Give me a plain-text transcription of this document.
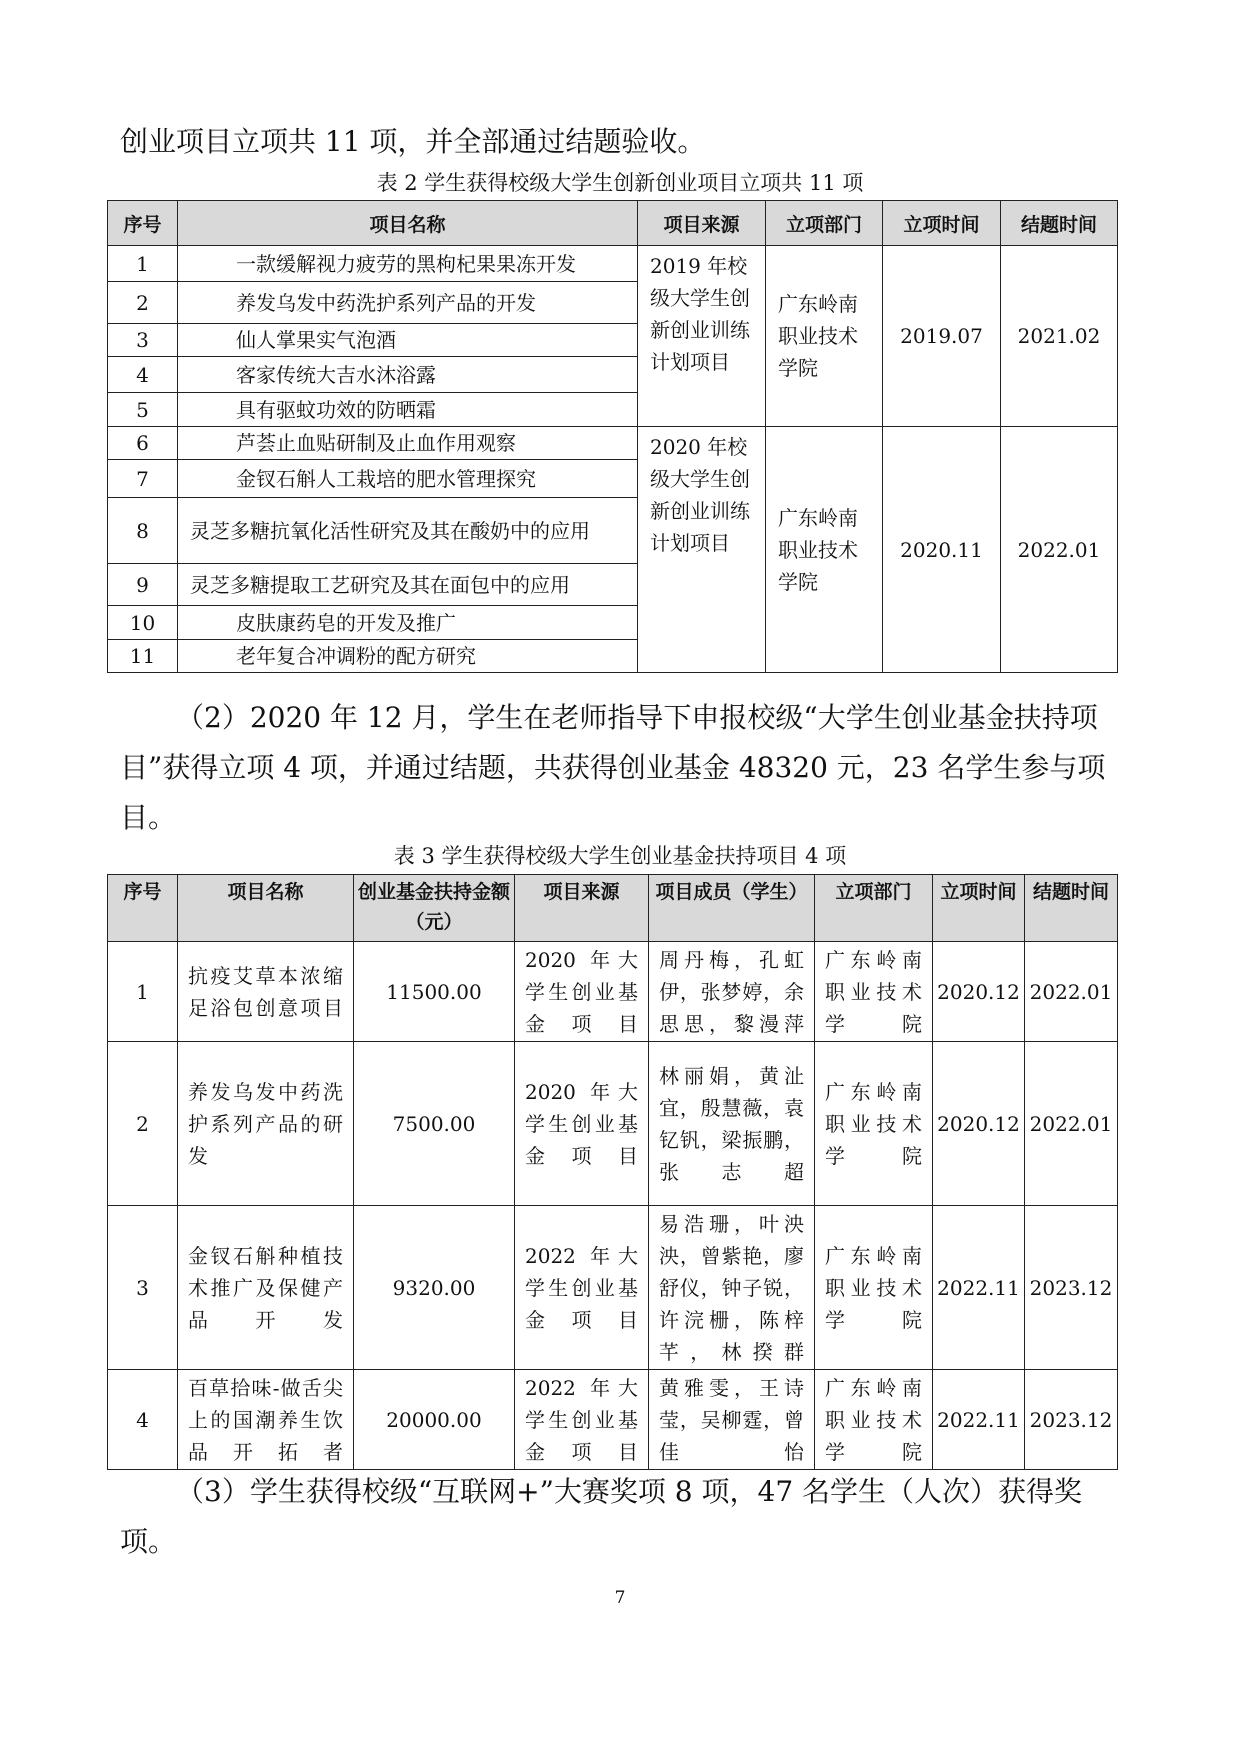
创业项目立项共 11 项，并全部通过结题验收。

表 2 学生获得校级大学生创新创业项目立项共 11 项
序号	项目名称	项目来源	立项部门	立项时间	结题时间
1	一款缓解视力疲劳的黑枸杞果果冻开发	2019 年校级大学生创新创业训练计划项目	广东岭南职业技术学院	2019.07	2021.02
2	养发乌发中药洗护系列产品的开发				
3	仙人掌果实气泡酒				
4	客家传统大吉水沐浴露				
5	具有驱蚊功效的防晒霜				
6	芦荟止血贴研制及止血作用观察	2020 年校级大学生创新创业训练计划项目	广东岭南职业技术学院	2020.11	2022.01
7	金钗石斛人工栽培的肥水管理探究				
8	灵芝多糖抗氧化活性研究及其在酸奶中的应用				
9	灵芝多糖提取工艺研究及其在面包中的应用				
10	皮肤康药皂的开发及推广				
11	老年复合冲调粉的配方研究				

（2）2020 年 12 月，学生在老师指导下申报校级“大学生创业基金扶持项目”获得立项 4 项，并通过结题，共获得创业基金 48320 元，23 名学生参与项目。

表 3 学生获得校级大学生创业基金扶持项目 4 项
序号	项目名称	创业基金扶持金额（元）	项目来源	项目成员（学生）	立项部门	立项时间	结题时间
1	抗疫艾草本浓缩足浴包创意项目	11500.00	2020 年大学生创业基金项目	周丹梅，孔虹伊，张梦婷，余思思，黎漫萍	广东岭南职业技术学院	2020.12	2022.01
2	养发乌发中药洗护系列产品的研发	7500.00	2020 年大学生创业基金项目	林丽娟，黄沚宜，殷慧薇，袁钇钒，梁振鹏，张志超	广东岭南职业技术学院	2020.12	2022.01
3	金钗石斛种植技术推广及保健产品开发	9320.00	2022 年大学生创业基金项目	易浩珊，叶泱泱，曾紫艳，廖舒仪，钟子锐，许浣栅，陈梓芊，林揆群	广东岭南职业技术学院	2022.11	2023.12
4	百草拾味-做舌尖上的国潮养生饮品开拓者	20000.00	2022 年大学生创业基金项目	黄雅雯，王诗莹，吴柳霆，曾佳怡	广东岭南职业技术学院	2022.11	2023.12

（3）学生获得校级“互联网+”大赛奖项 8 项，47 名学生（人次）获得奖项。

7
